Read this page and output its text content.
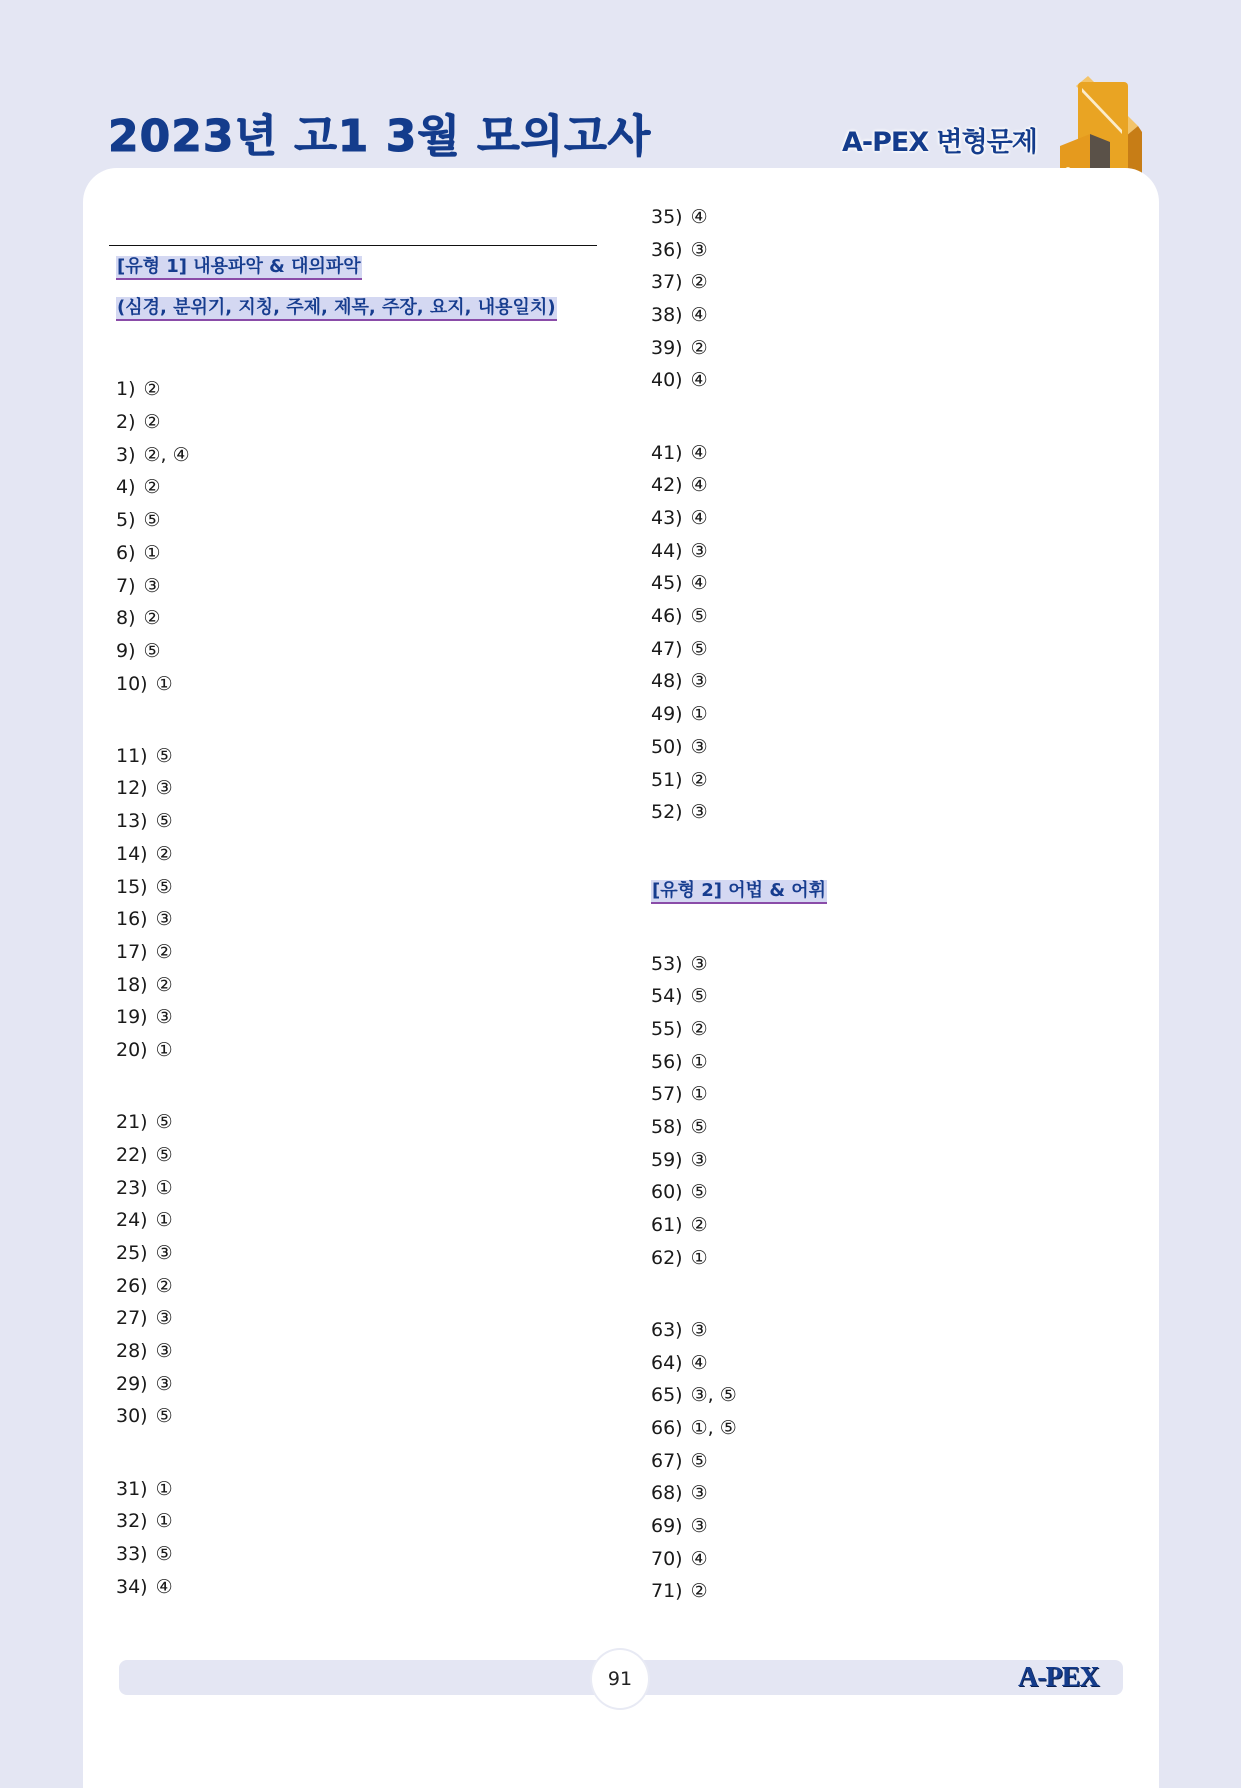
2023년 고1 3월 모의고사	A-PEX 변형문제
[유형 1] 내용파악 & 대의파악
(심경, 분위기, 지칭, 주제, 제목, 주장, 요지, 내용일치)
1) ②
2) ②
3) ②, ④
4) ②
5) ⑤
6) ①
7) ③
8) ②
9) ⑤
10) ①
11) ⑤
12) ③
13) ⑤
14) ②
15) ⑤
16) ③
17) ②
18) ②
19) ③
20) ①
21) ⑤
22) ⑤
23) ①
24) ①
25) ③
26) ②
27) ③
28) ③
29) ③
30) ⑤
31) ①
32) ①
33) ⑤
34) ④
35) ④
36) ③
37) ②
38) ④
39) ②
40) ④
41) ④
42) ④
43) ④
44) ③
45) ④
46) ⑤
47) ⑤
48) ③
49) ①
50) ③
51) ②
52) ③
[유형 2] 어법 & 어휘
53) ③
54) ⑤
55) ②
56) ①
57) ①
58) ⑤
59) ③
60) ⑤
61) ②
62) ①
63) ③
64) ④
65) ③, ⑤
66) ①, ⑤
67) ⑤
68) ③
69) ③
70) ④
71) ②
91	A-PEX
